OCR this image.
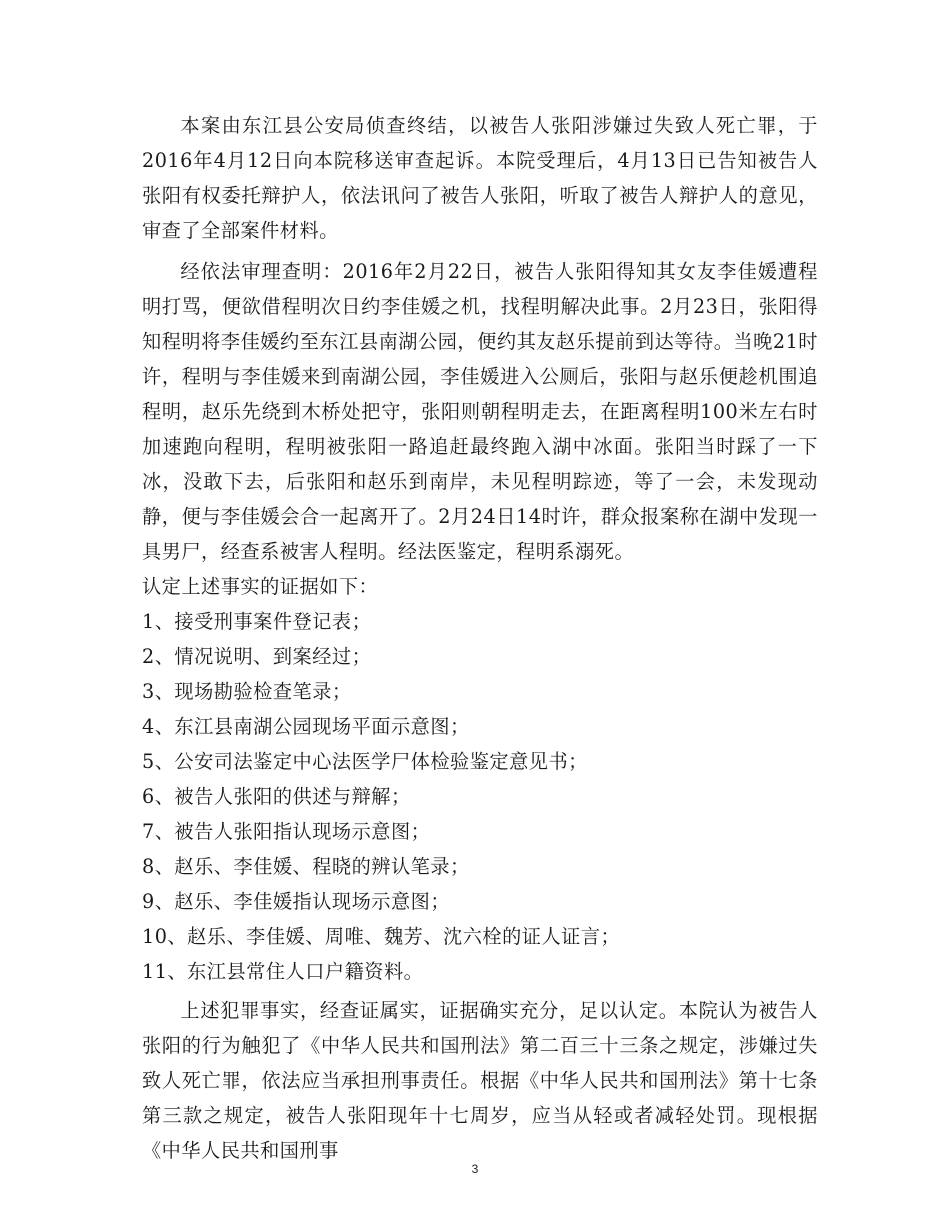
本案由东江县公安局侦查终结，以被告人张阳涉嫌过失致人死亡罪，于2016年4月12日向本院移送审查起诉。本院受理后，4月13日已告知被告人张阳有权委托辩护人，依法讯问了被告人张阳，听取了被告人辩护人的意见，审查了全部案件材料。

经依法审理查明：2016年2月22日，被告人张阳得知其女友李佳媛遭程明打骂，便欲借程明次日约李佳媛之机，找程明解决此事。2月23日，张阳得知程明将李佳媛约至东江县南湖公园，便约其友赵乐提前到达等待。当晚21时许，程明与李佳媛来到南湖公园，李佳媛进入公厕后，张阳与赵乐便趁机围追程明，赵乐先绕到木桥处把守，张阳则朝程明走去，在距离程明100米左右时加速跑向程明，程明被张阳一路追赶最终跑入湖中冰面。张阳当时踩了一下冰，没敢下去，后张阳和赵乐到南岸，未见程明踪迹，等了一会，未发现动静，便与李佳媛会合一起离开了。2月24日14时许，群众报案称在湖中发现一具男尸，经查系被害人程明。经法医鉴定，程明系溺死。

认定上述事实的证据如下：

1、接受刑事案件登记表；
2、情况说明、到案经过；
3、现场勘验检查笔录；
4、东江县南湖公园现场平面示意图；
5、公安司法鉴定中心法医学尸体检验鉴定意见书；
6、被告人张阳的供述与辩解；
7、被告人张阳指认现场示意图；
8、赵乐、李佳媛、程晓的辨认笔录；
9、赵乐、李佳媛指认现场示意图；
10、赵乐、李佳媛、周唯、魏芳、沈六栓的证人证言；
11、东江县常住人口户籍资料。

上述犯罪事实，经查证属实，证据确实充分，足以认定。本院认为被告人张阳的行为触犯了《中华人民共和国刑法》第二百三十三条之规定，涉嫌过失致人死亡罪，依法应当承担刑事责任。根据《中华人民共和国刑法》第十七条第三款之规定，被告人张阳现年十七周岁，应当从轻或者减轻处罚。现根据《中华人民共和国刑事

3
